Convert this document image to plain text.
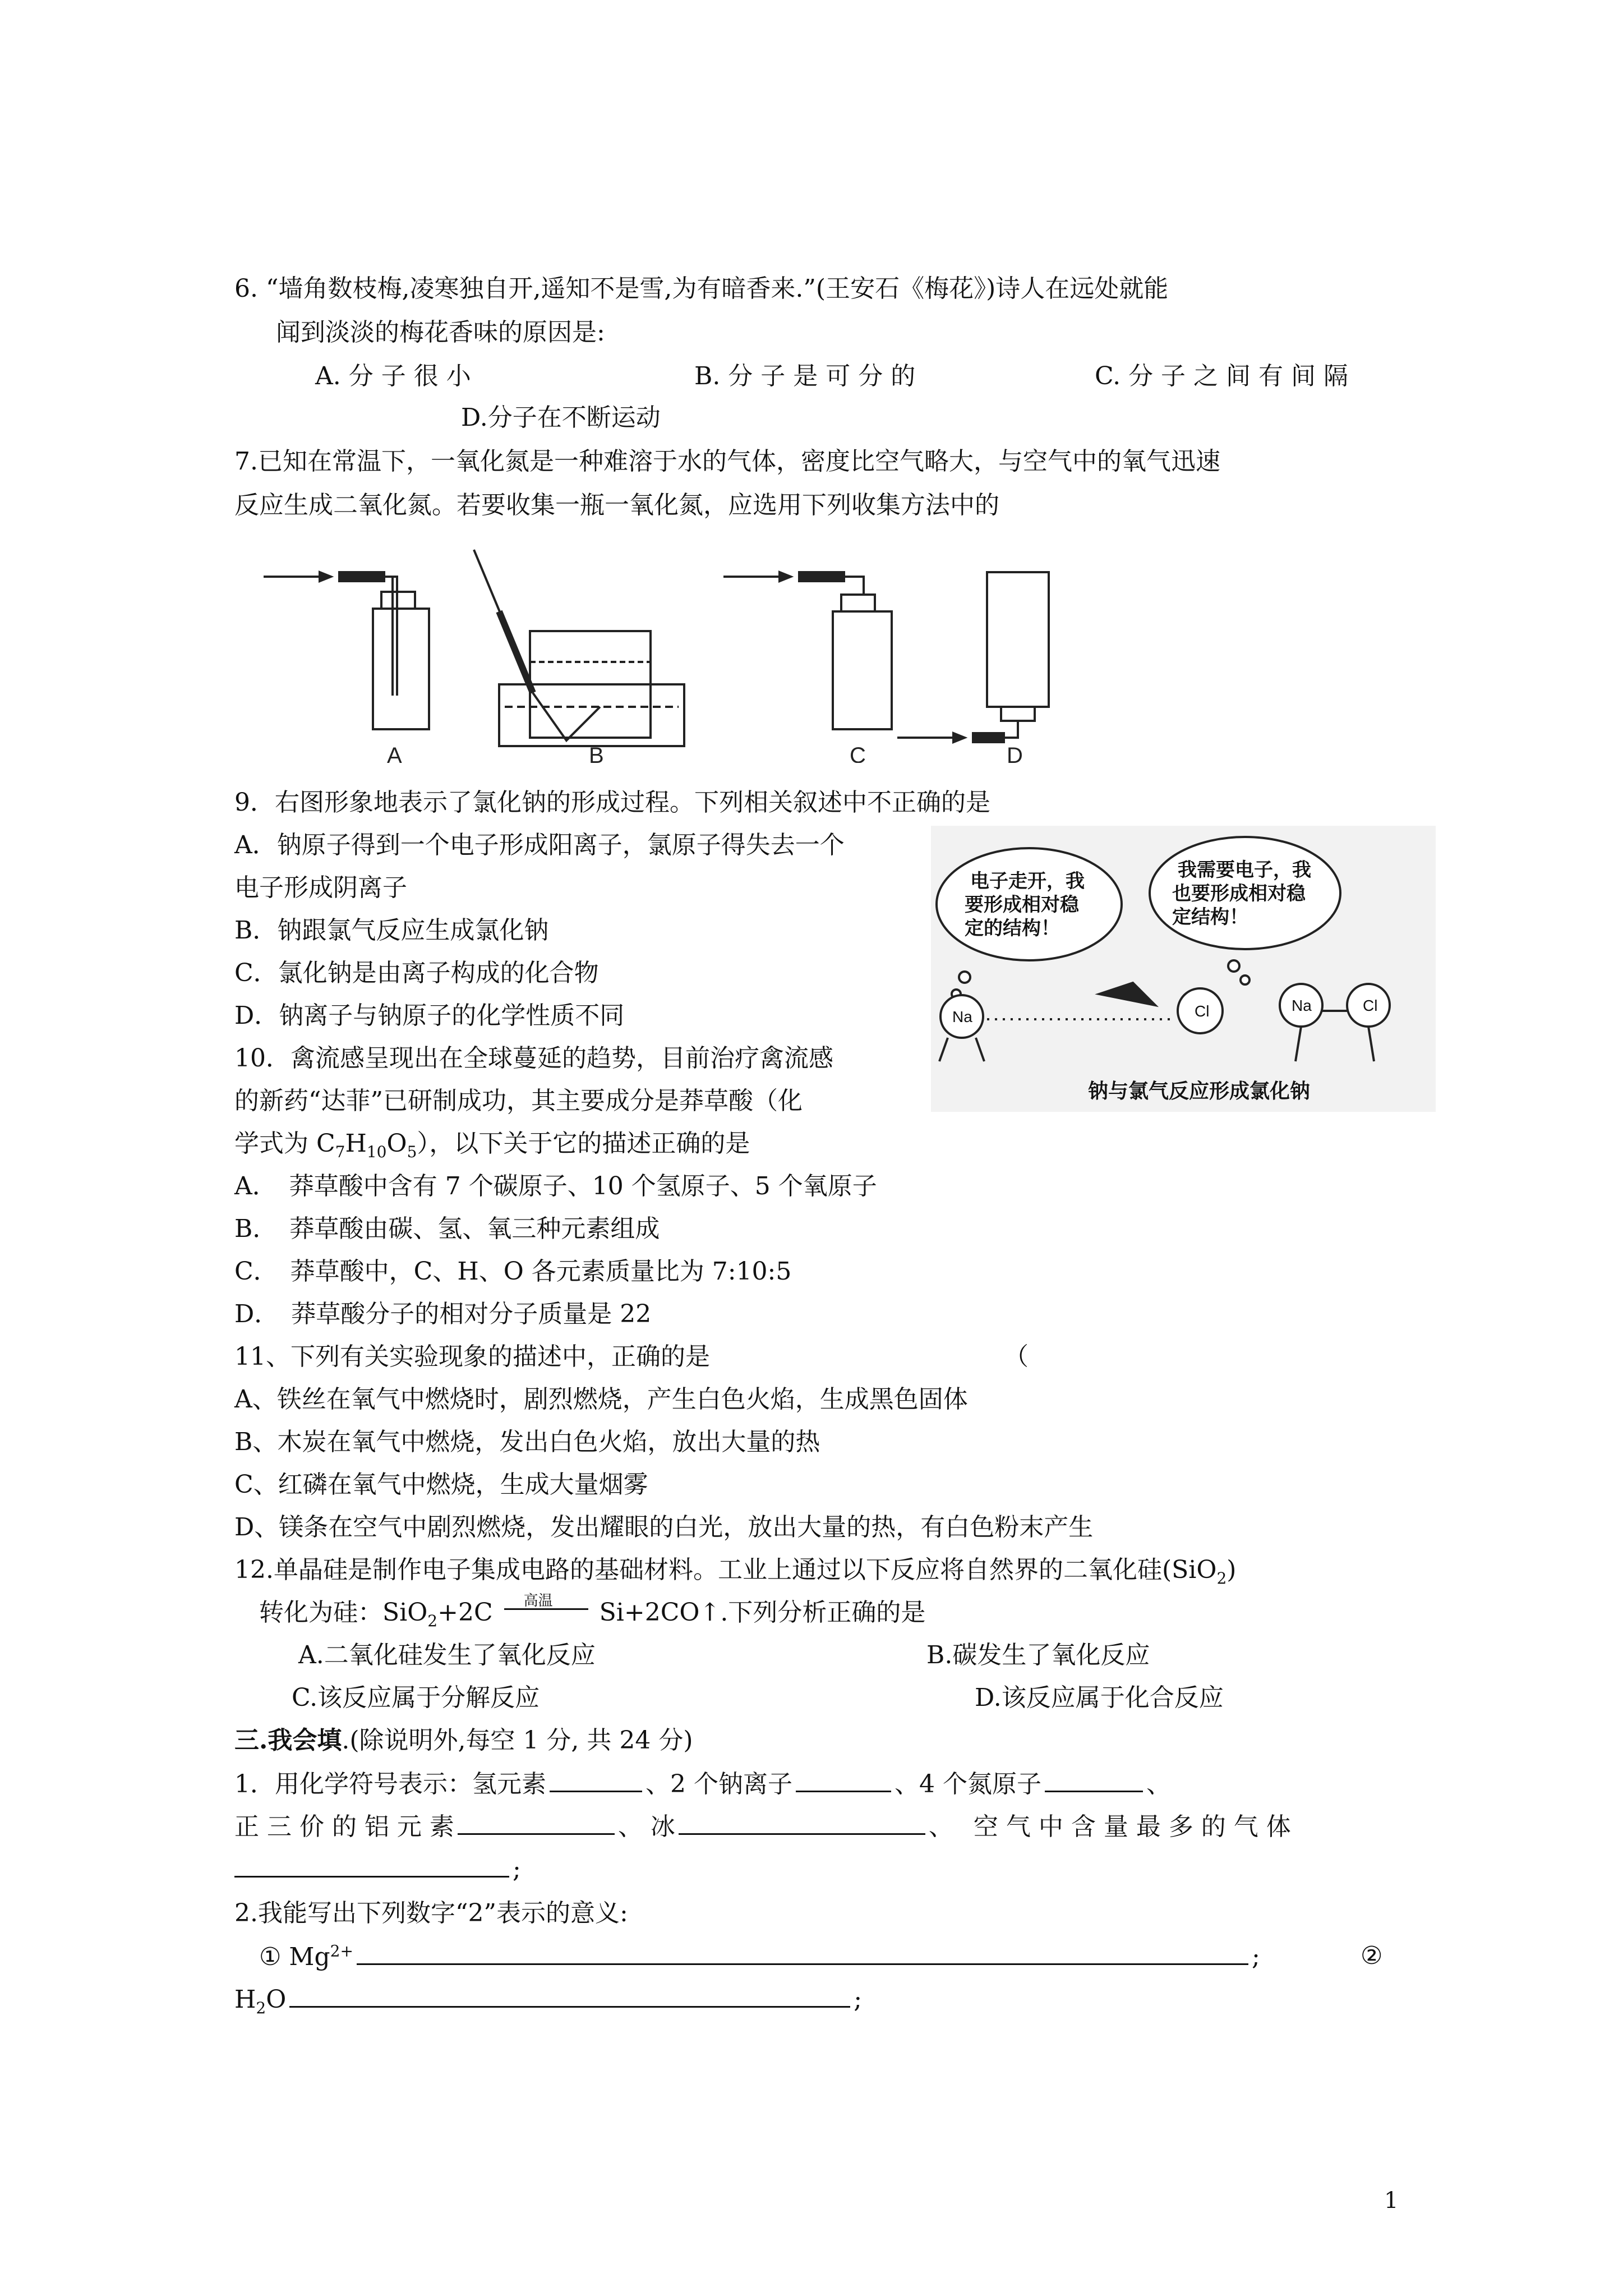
6. “墙角数枝梅,凌寒独自开,遥知不是雪,为有暗香来.”(王安石《梅花》)诗人在远处就能
闻到淡淡的梅花香味的原因是:
A. 分 子 很 小	B. 分 子 是 可 分 的	C. 分 子 之 间 有 间 隔
D.分子在不断运动
7.已知在常温下，一氧化氮是一种难溶于水的气体，密度比空气略大，与空气中的氧气迅速
反应生成二氧化氮。若要收集一瓶一氧化氮，应选用下列收集方法中的
A	B	C	D
9．右图形象地表示了氯化钠的形成过程。下列相关叙述中不正确的是
A．钠原子得到一个电子形成阳离子，氯原子得失去一个
电子形成阴离子
B．钠跟氯气反应生成氯化钠
C．氯化钠是由离子构成的化合物
D．钠离子与钠原子的化学性质不同
电子走开，我
要形成相对稳
定的结构！
我需要电子，我
也要形成相对稳
定结构！
Na	Cl	Na	Cl
钠与氯气反应形成氯化钠
10．禽流感呈现出在全球蔓延的趋势，目前治疗禽流感
的新药“达菲”已研制成功，其主要成分是莽草酸（化
学式为 $C_7H_{10}O_5$），以下关于它的描述正确的是
A．　莽草酸中含有 7 个碳原子、10 个氢原子、5 个氧原子
B．　莽草酸由碳、氢、氧三种元素组成
C．　莽草酸中，C、H、O 各元素质量比为 7:10:5
D．　莽草酸分子的相对分子质量是 22
11、下列有关实验现象的描述中，正确的是	（
A、铁丝在氧气中燃烧时，剧烈燃烧，产生白色火焰，生成黑色固体
B、木炭在氧气中燃烧，发出白色火焰，放出大量的热
C、红磷在氧气中燃烧，生成大量烟雾
D、镁条在空气中剧烈燃烧，发出耀眼的白光，放出大量的热，有白色粉末产生
12.单晶硅是制作电子集成电路的基础材料。工业上通过以下反应将自然界的二氧化硅(SiO$_2$)
转化为硅：SiO$_2$+2C 高温 Si+2CO↑.下列分析正确的是
A.二氧化硅发生了氧化反应	B.碳发生了氧化反应
C.该反应属于分解反应	D.该反应属于化合反应
三.我会填.(除说明外,每空 1 分, 共 24 分)
1．用化学符号表示：氢元素	、2 个钠离子	、4 个氮原子	、
正 三 价 的 铝 元 素	、 冰	、　 空 气 中 含 量 最 多 的 气 体
;
2.我能写出下列数字“2”表示的意义:
① $Mg^{2+}$	;	②
$H_2O$	;
1
